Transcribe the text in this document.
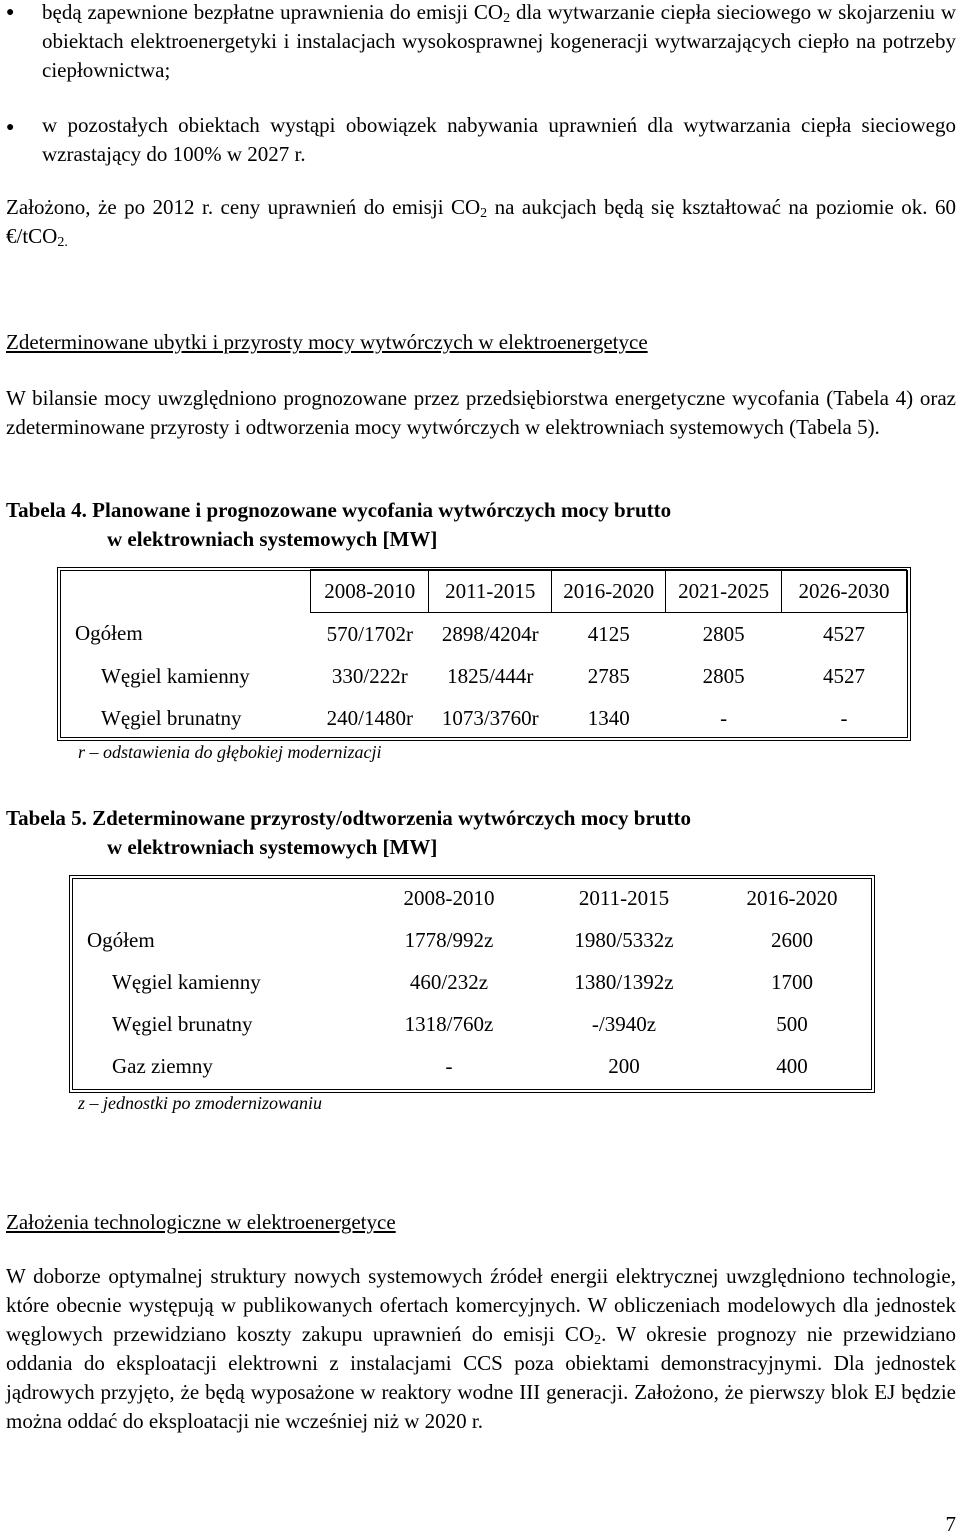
● będą zapewnione bezpłatne uprawnienia do emisji $CO_2$ dla wytwarzanie ciepła sieciowego w skojarzeniu w obiektach elektroenergetyki i instalacjach wysokosprawnej kogeneracji wytwarzających ciepło na potrzeby ciepłownictwa;

● w pozostałych obiektach wystąpi obowiązek nabywania uprawnień dla wytwarzania ciepła sieciowego wzrastający do 100% w 2027 r.

Założono, że po 2012 r. ceny uprawnień do emisji $CO_2$ na aukcjach będą się kształtować na poziomie ok. 60 €/tCO$_{2.}$

Zdeterminowane ubytki i przyrosty mocy wytwórczych w elektroenergetyce

W bilansie mocy uwzględniono prognozowane przez przedsiębiorstwa energetyczne wycofania (Tabela 4) oraz zdeterminowane przyrosty i odtworzenia mocy wytwórczych w elektrowniach systemowych (Tabela 5).

Tabela 4. Planowane i prognozowane wycofania wytwórczych mocy brutto
w elektrowniach systemowych [MW]

	2008-2010	2011-2015	2016-2020	2021-2025	2026-2030
Ogółem	570/1702r	2898/4204r	4125	2805	4527
Węgiel kamienny	330/222r	1825/444r	2785	2805	4527
Węgiel brunatny	240/1480r	1073/3760r	1340	-	-
r – odstawienia do głębokiej modernizacji

Tabela 5. Zdeterminowane przyrosty/odtworzenia wytwórczych mocy brutto
w elektrowniach systemowych [MW]

	2008-2010	2011-2015	2016-2020
Ogółem	1778/992z	1980/5332z	2600
Węgiel kamienny	460/232z	1380/1392z	1700
Węgiel brunatny	1318/760z	-/3940z	500
Gaz ziemny	-	200	400
z – jednostki po zmodernizowaniu

Założenia technologiczne w elektroenergetyce

W doborze optymalnej struktury nowych systemowych źródeł energii elektrycznej uwzględniono technologie, które obecnie występują w publikowanych ofertach komercyjnych. W obliczeniach modelowych dla jednostek węglowych przewidziano koszty zakupu uprawnień do emisji $CO_2$. W okresie prognozy nie przewidziano oddania do eksploatacji elektrowni z instalacjami CCS poza obiektami demonstracyjnymi. Dla jednostek jądrowych przyjęto, że będą wyposażone w reaktory wodne III generacji. Założono, że pierwszy blok EJ będzie można oddać do eksploatacji nie wcześniej niż w 2020 r.

7
